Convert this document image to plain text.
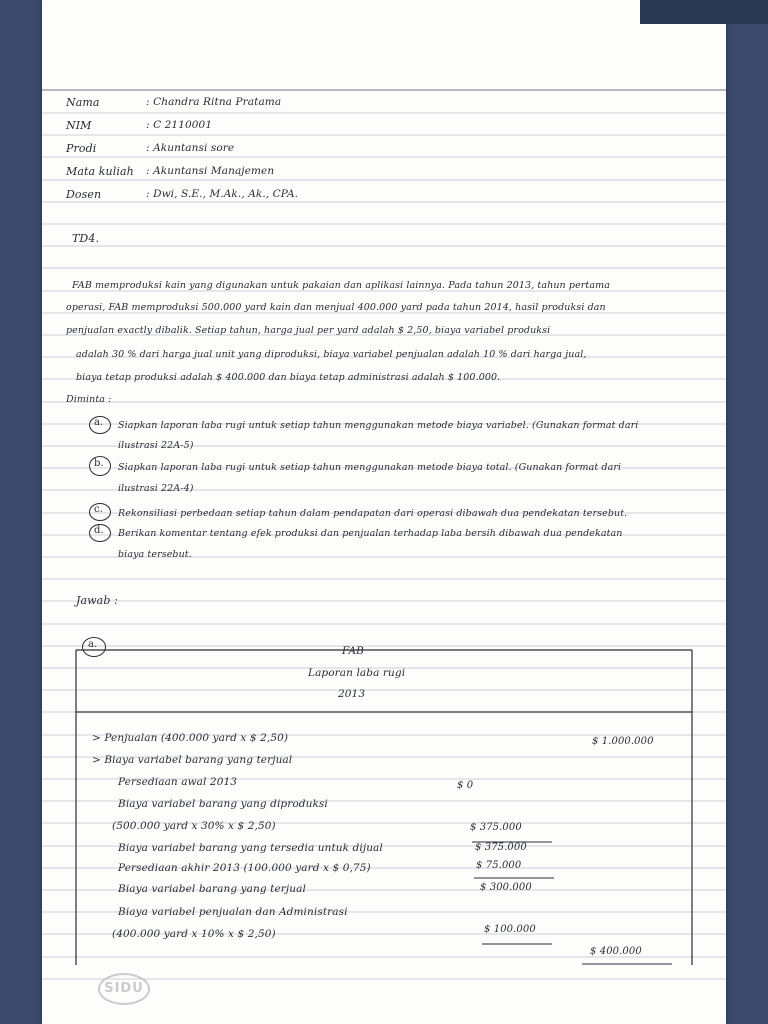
Nama	: Chandra Ritna Pratama
NIM	: C 2110001
Prodi	: Akuntansi sore
Mata kuliah : Akuntansi Manajemen
Dosen	: Dwi, S.E., M.Ak., Ak., CPA.
TD4.
FAB memproduksi kain yang digunakan untuk pakaian dan aplikasi lainnya. Pada tahun 2013, tahun pertama
operasi, FAB memproduksi 500.000 yard kain dan menjual 400.000 yard pada tahun 2014, hasil produksi dan
penjualan exactly dibalik. Setiap tahun, harga jual per yard adalah $ 2,50, biaya variabel produksi
adalah 30 % dari harga jual unit yang diproduksi, biaya variabel penjualan adalah 10 % dari harga jual,
biaya tetap produksi adalah $ 400.000 dan biaya tetap administrasi adalah $ 100.000.
Diminta :
a. Siapkan laporan laba rugi untuk setiap tahun menggunakan metode biaya variabel. (Gunakan format dari
ilustrasi 22A-5)
b. Siapkan laporan laba rugi untuk setiap tahun menggunakan metode biaya total. (Gunakan format dari
ilustrasi 22A-4)
c. Rekonsiliasi perbedaan setiap tahun dalam pendapatan dari operasi dibawah dua pendekatan tersebut.
d. Berikan komentar tentang efek produksi dan penjualan terhadap laba bersih dibawah dua pendekatan
biaya tersebut.
Jawab :
a.
FAB
Laporan laba rugi
2013
> Penjualan (400.000 yard x $ 2,50)	$ 1.000.000
> Biaya variabel barang yang terjual
Persediaan awal 2013	$ 0
Biaya variabel barang yang diproduksi
(500.000 yard x 30% x $ 2,50)	$ 375.000
Biaya variabel barang yang tersedia untuk dijual	$ 375.000
Persediaan akhir 2013 (100.000 yard x $ 0,75)	$ 75.000
Biaya variabel barang yang terjual	$ 300.000
Biaya variabel penjualan dan Administrasi
(400.000 yard x 10% x $ 2,50)	$ 100.000
$ 400.000
SIDU
